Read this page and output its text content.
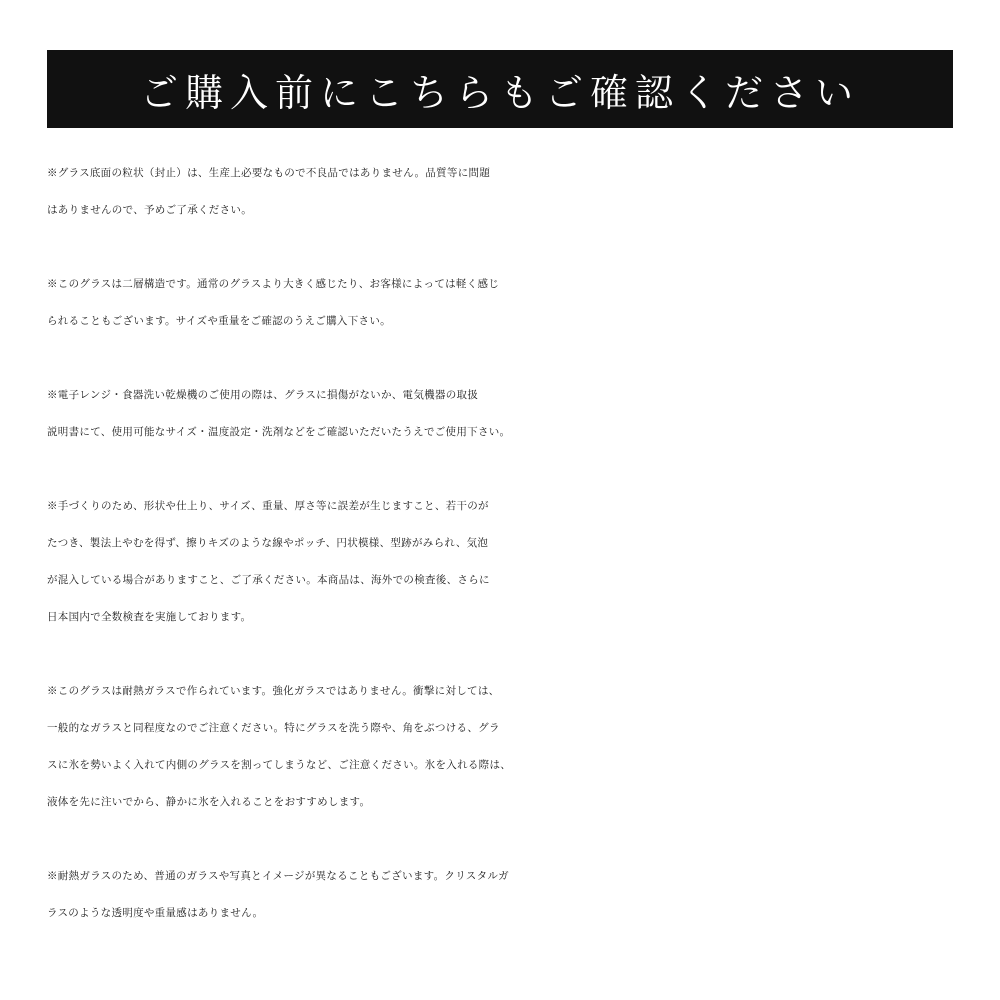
ご購入前にこちらもご確認ください

※グラス底面の粒状（封止）は、生産上必要なもので不良品ではありません。品質等に問題
はありませんので、予めご了承ください。

※このグラスは二層構造です。通常のグラスより大きく感じたり、お客様によっては軽く感じ
られることもございます。サイズや重量をご確認のうえご購入下さい。

※電子レンジ・食器洗い乾燥機のご使用の際は、グラスに損傷がないか、電気機器の取扱
説明書にて、使用可能なサイズ・温度設定・洗剤などをご確認いただいたうえでご使用下さい。

※手づくりのため、形状や仕上り、サイズ、重量、厚さ等に誤差が生じますこと、若干のが
たつき、製法上やむを得ず、擦りキズのような線やポッチ、円状模様、型跡がみられ、気泡
が混入している場合がありますこと、ご了承ください。本商品は、海外での検査後、さらに
日本国内で全数検査を実施しております。

※このグラスは耐熱ガラスで作られています。強化ガラスではありません。衝撃に対しては、
一般的なガラスと同程度なのでご注意ください。特にグラスを洗う際や、角をぶつける、グラ
スに氷を勢いよく入れて内側のグラスを割ってしまうなど、ご注意ください。氷を入れる際は、
液体を先に注いでから、静かに氷を入れることをおすすめします。

※耐熱ガラスのため、普通のガラスや写真とイメージが異なることもございます。クリスタルガ
ラスのような透明度や重量感はありません。
